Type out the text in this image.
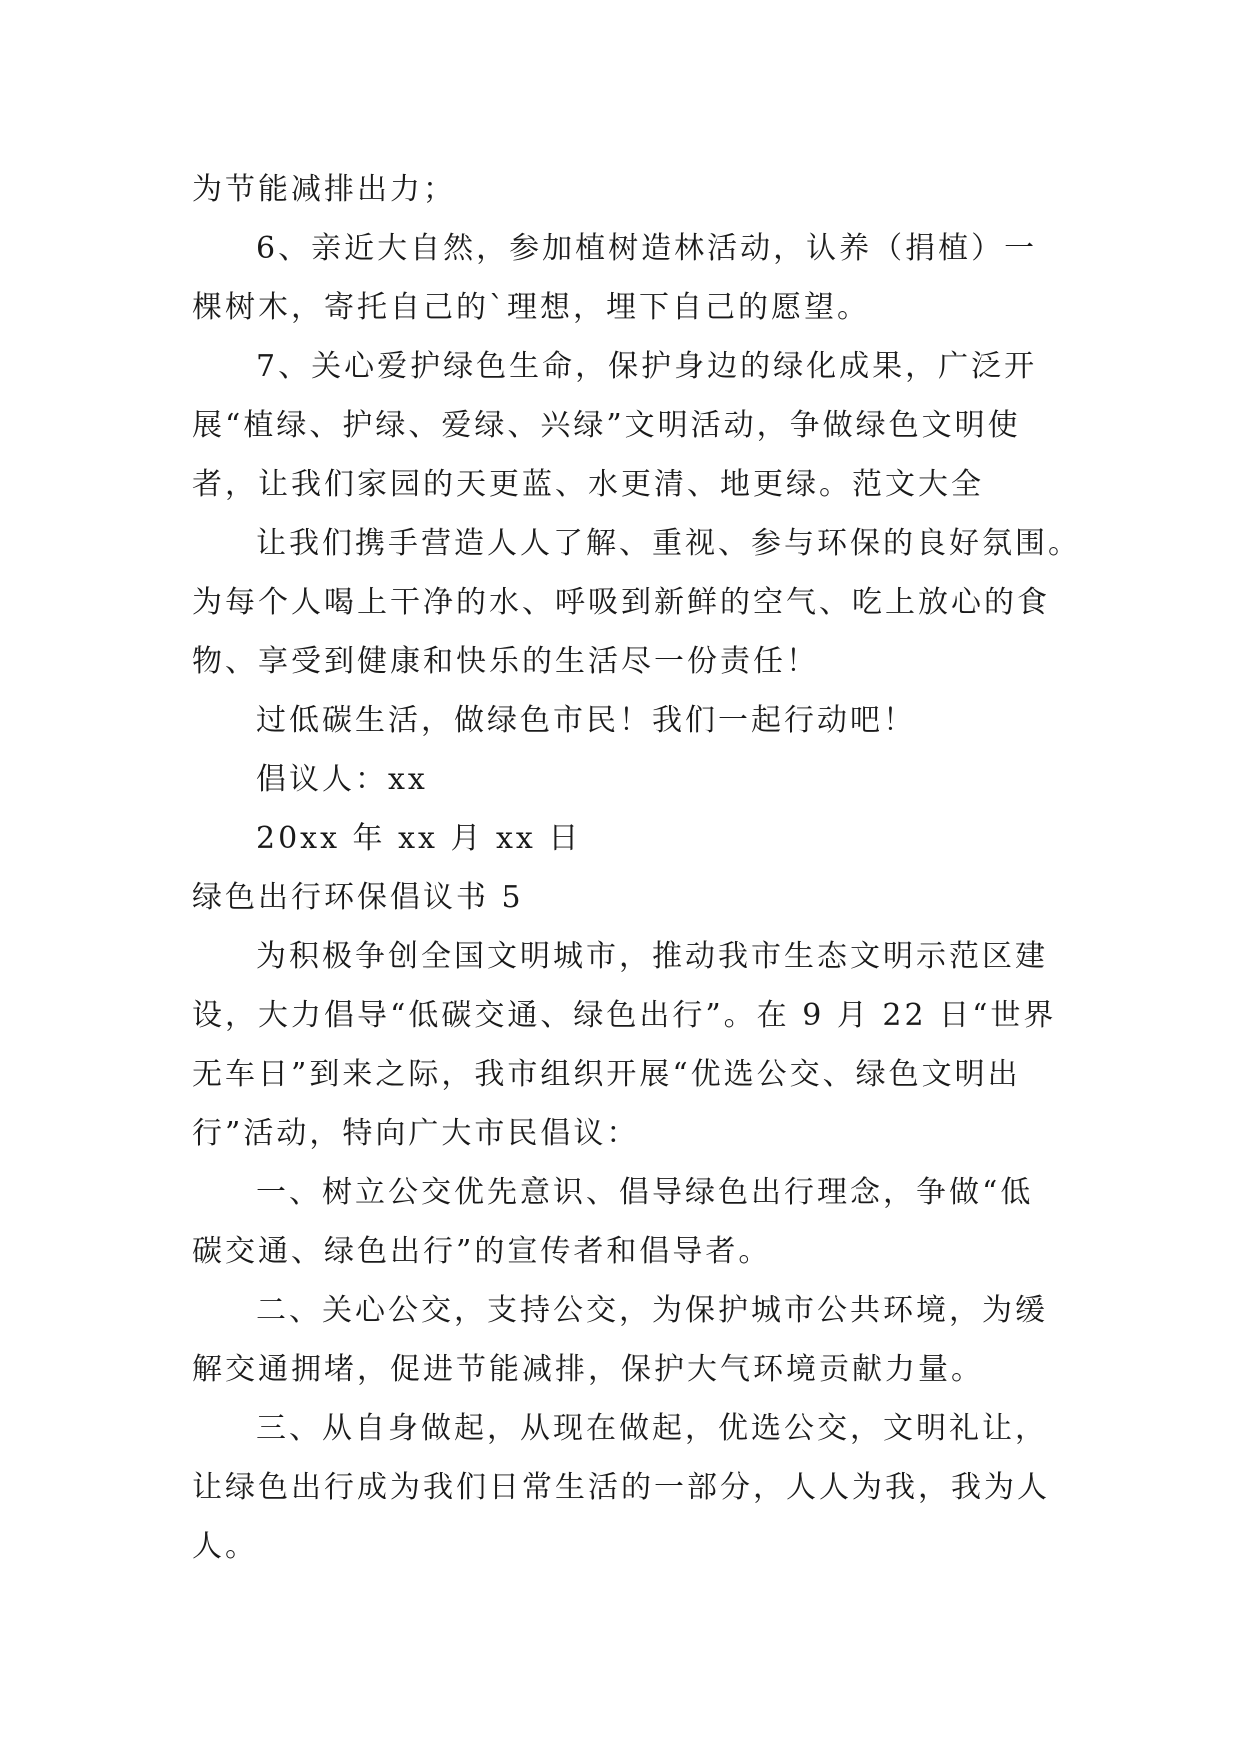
为节能减排出力；
6、亲近大自然，参加植树造林活动，认养（捐植）一
棵树木，寄托自己的`理想，埋下自己的愿望。
7、关心爱护绿色生命，保护身边的绿化成果，广泛开
展“植绿、护绿、爱绿、兴绿”文明活动，争做绿色文明使
者，让我们家园的天更蓝、水更清、地更绿。范文大全
让我们携手营造人人了解、重视、参与环保的良好氛围。
为每个人喝上干净的水、呼吸到新鲜的空气、吃上放心的食
物、享受到健康和快乐的生活尽一份责任！
过低碳生活，做绿色市民！我们一起行动吧！
倡议人：xx
20xx 年 xx 月 xx 日
绿色出行环保倡议书 5
为积极争创全国文明城市，推动我市生态文明示范区建
设，大力倡导“低碳交通、绿色出行”。在 9 月 22 日“世界
无车日”到来之际，我市组织开展“优选公交、绿色文明出
行”活动，特向广大市民倡议：
一、树立公交优先意识、倡导绿色出行理念，争做“低
碳交通、绿色出行”的宣传者和倡导者。
二、关心公交，支持公交，为保护城市公共环境，为缓
解交通拥堵，促进节能减排，保护大气环境贡献力量。
三、从自身做起，从现在做起，优选公交，文明礼让，
让绿色出行成为我们日常生活的一部分，人人为我，我为人
人。
